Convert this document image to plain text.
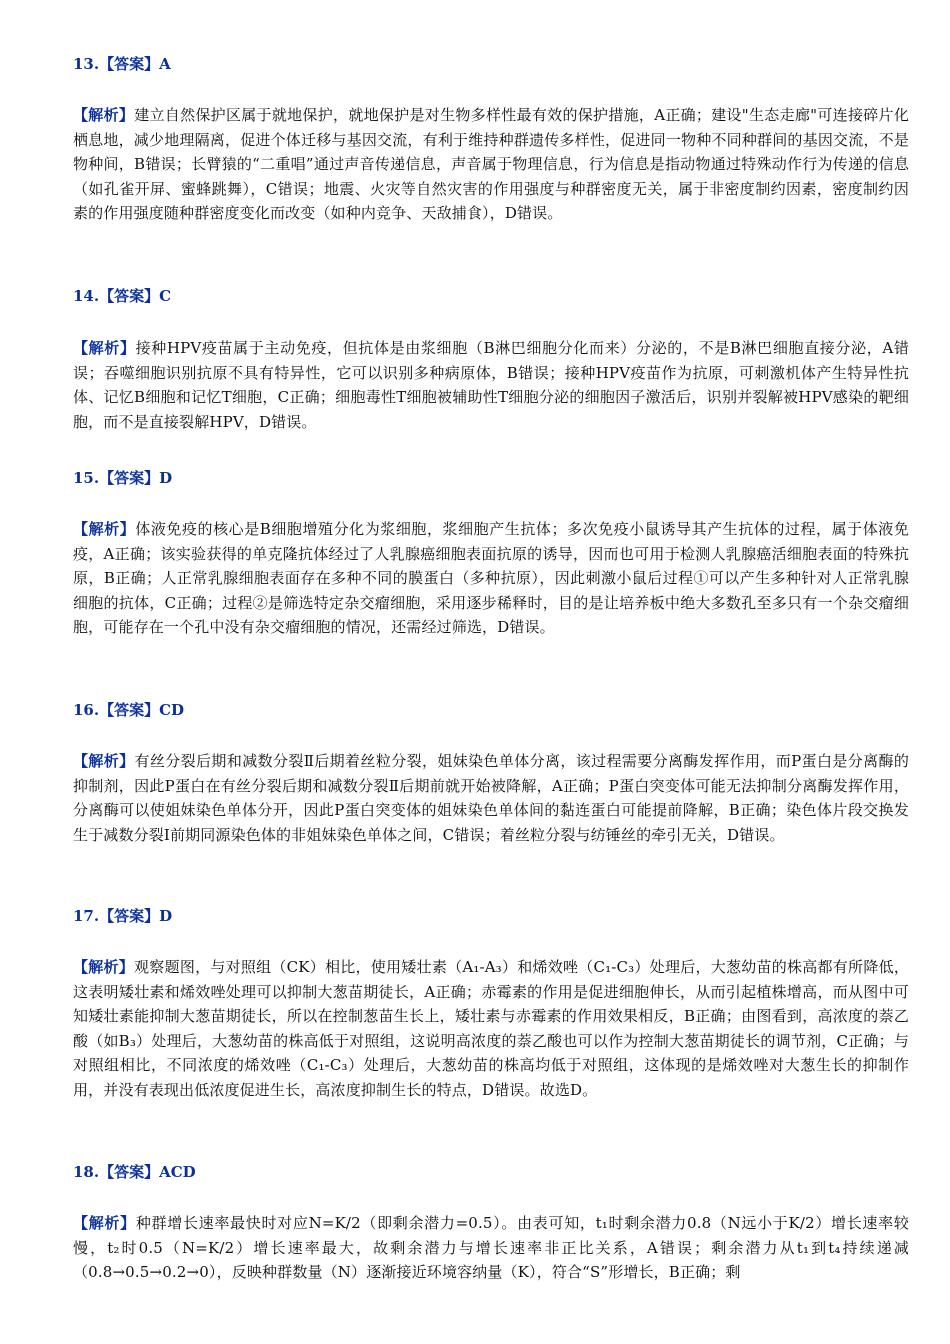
13.【答案】A
【解析】建立自然保护区属于就地保护，就地保护是对生物多样性最有效的保护措施，A正确；建设"生态走廊"可连接碎片化栖息地，减少地理隔离，促进个体迁移与基因交流，有利于维持种群遗传多样性，促进同一物种不同种群间的基因交流，不是物种间，B错误；长臂猿的“二重唱”通过声音传递信息，声音属于物理信息，行为信息是指动物通过特殊动作行为传递的信息（如孔雀开屏、蜜蜂跳舞），C错误；地震、火灾等自然灾害的作用强度与种群密度无关，属于非密度制约因素，密度制约因素的作用强度随种群密度变化而改变（如种内竞争、天敌捕食），D错误。
14.【答案】C
【解析】接种HPV疫苗属于主动免疫，但抗体是由浆细胞（B淋巴细胞分化而来）分泌的，不是B淋巴细胞直接分泌，A错误；吞噬细胞识别抗原不具有特异性，它可以识别多种病原体，B错误；接种HPV疫苗作为抗原，可刺激机体产生特异性抗体、记忆B细胞和记忆T细胞，C正确；细胞毒性T细胞被辅助性T细胞分泌的细胞因子激活后，识别并裂解被HPV感染的靶细胞，而不是直接裂解HPV，D错误。
15.【答案】D
【解析】体液免疫的核心是B细胞增殖分化为浆细胞，浆细胞产生抗体；多次免疫小鼠诱导其产生抗体的过程，属于体液免疫，A正确；该实验获得的单克隆抗体经过了人乳腺癌细胞表面抗原的诱导，因而也可用于检测人乳腺癌活细胞表面的特殊抗原，B正确；人正常乳腺细胞表面存在多种不同的膜蛋白（多种抗原），因此刺激小鼠后过程①可以产生多种针对人正常乳腺细胞的抗体，C正确；过程②是筛选特定杂交瘤细胞，采用逐步稀释时，目的是让培养板中绝大多数孔至多只有一个杂交瘤细胞，可能存在一个孔中没有杂交瘤细胞的情况，还需经过筛选，D错误。
16.【答案】CD
【解析】有丝分裂后期和减数分裂Ⅱ后期着丝粒分裂，姐妹染色单体分离，该过程需要分离酶发挥作用，而P蛋白是分离酶的抑制剂，因此P蛋白在有丝分裂后期和减数分裂Ⅱ后期前就开始被降解，A正确；P蛋白突变体可能无法抑制分离酶发挥作用，分离酶可以使姐妹染色单体分开，因此P蛋白突变体的姐妹染色单体间的黏连蛋白可能提前降解，B正确；染色体片段交换发生于减数分裂Ⅰ前期同源染色体的非姐妹染色单体之间，C错误；着丝粒分裂与纺锤丝的牵引无关，D错误。
17.【答案】D
【解析】观察题图，与对照组（CK）相比，使用矮壮素（A₁-A₃）和烯效唑（C₁-C₃）处理后，大葱幼苗的株高都有所降低，这表明矮壮素和烯效唑处理可以抑制大葱苗期徒长，A正确；赤霉素的作用是促进细胞伸长，从而引起植株增高，而从图中可知矮壮素能抑制大葱苗期徒长，所以在控制葱苗生长上，矮壮素与赤霉素的作用效果相反，B正确；由图看到，高浓度的萘乙酸（如B₃）处理后，大葱幼苗的株高低于对照组，这说明高浓度的萘乙酸也可以作为控制大葱苗期徒长的调节剂，C正确；与对照组相比，不同浓度的烯效唑（C₁-C₃）处理后，大葱幼苗的株高均低于对照组，这体现的是烯效唑对大葱生长的抑制作用，并没有表现出低浓度促进生长，高浓度抑制生长的特点，D错误。故选D。
18.【答案】ACD
【解析】种群增长速率最快时对应N=K/2（即剩余潜力=0.5）。由表可知，t₁时剩余潜力0.8（N远小于K/2）增长速率较慢，t₂时0.5（N=K/2）增长速率最大，故剩余潜力与增长速率非正比关系，A错误；剩余潜力从t₁到t₄持续递减（0.8→0.5→0.2→0），反映种群数量（N）逐渐接近环境容纳量（K），符合“S”形增长，B正确；剩
